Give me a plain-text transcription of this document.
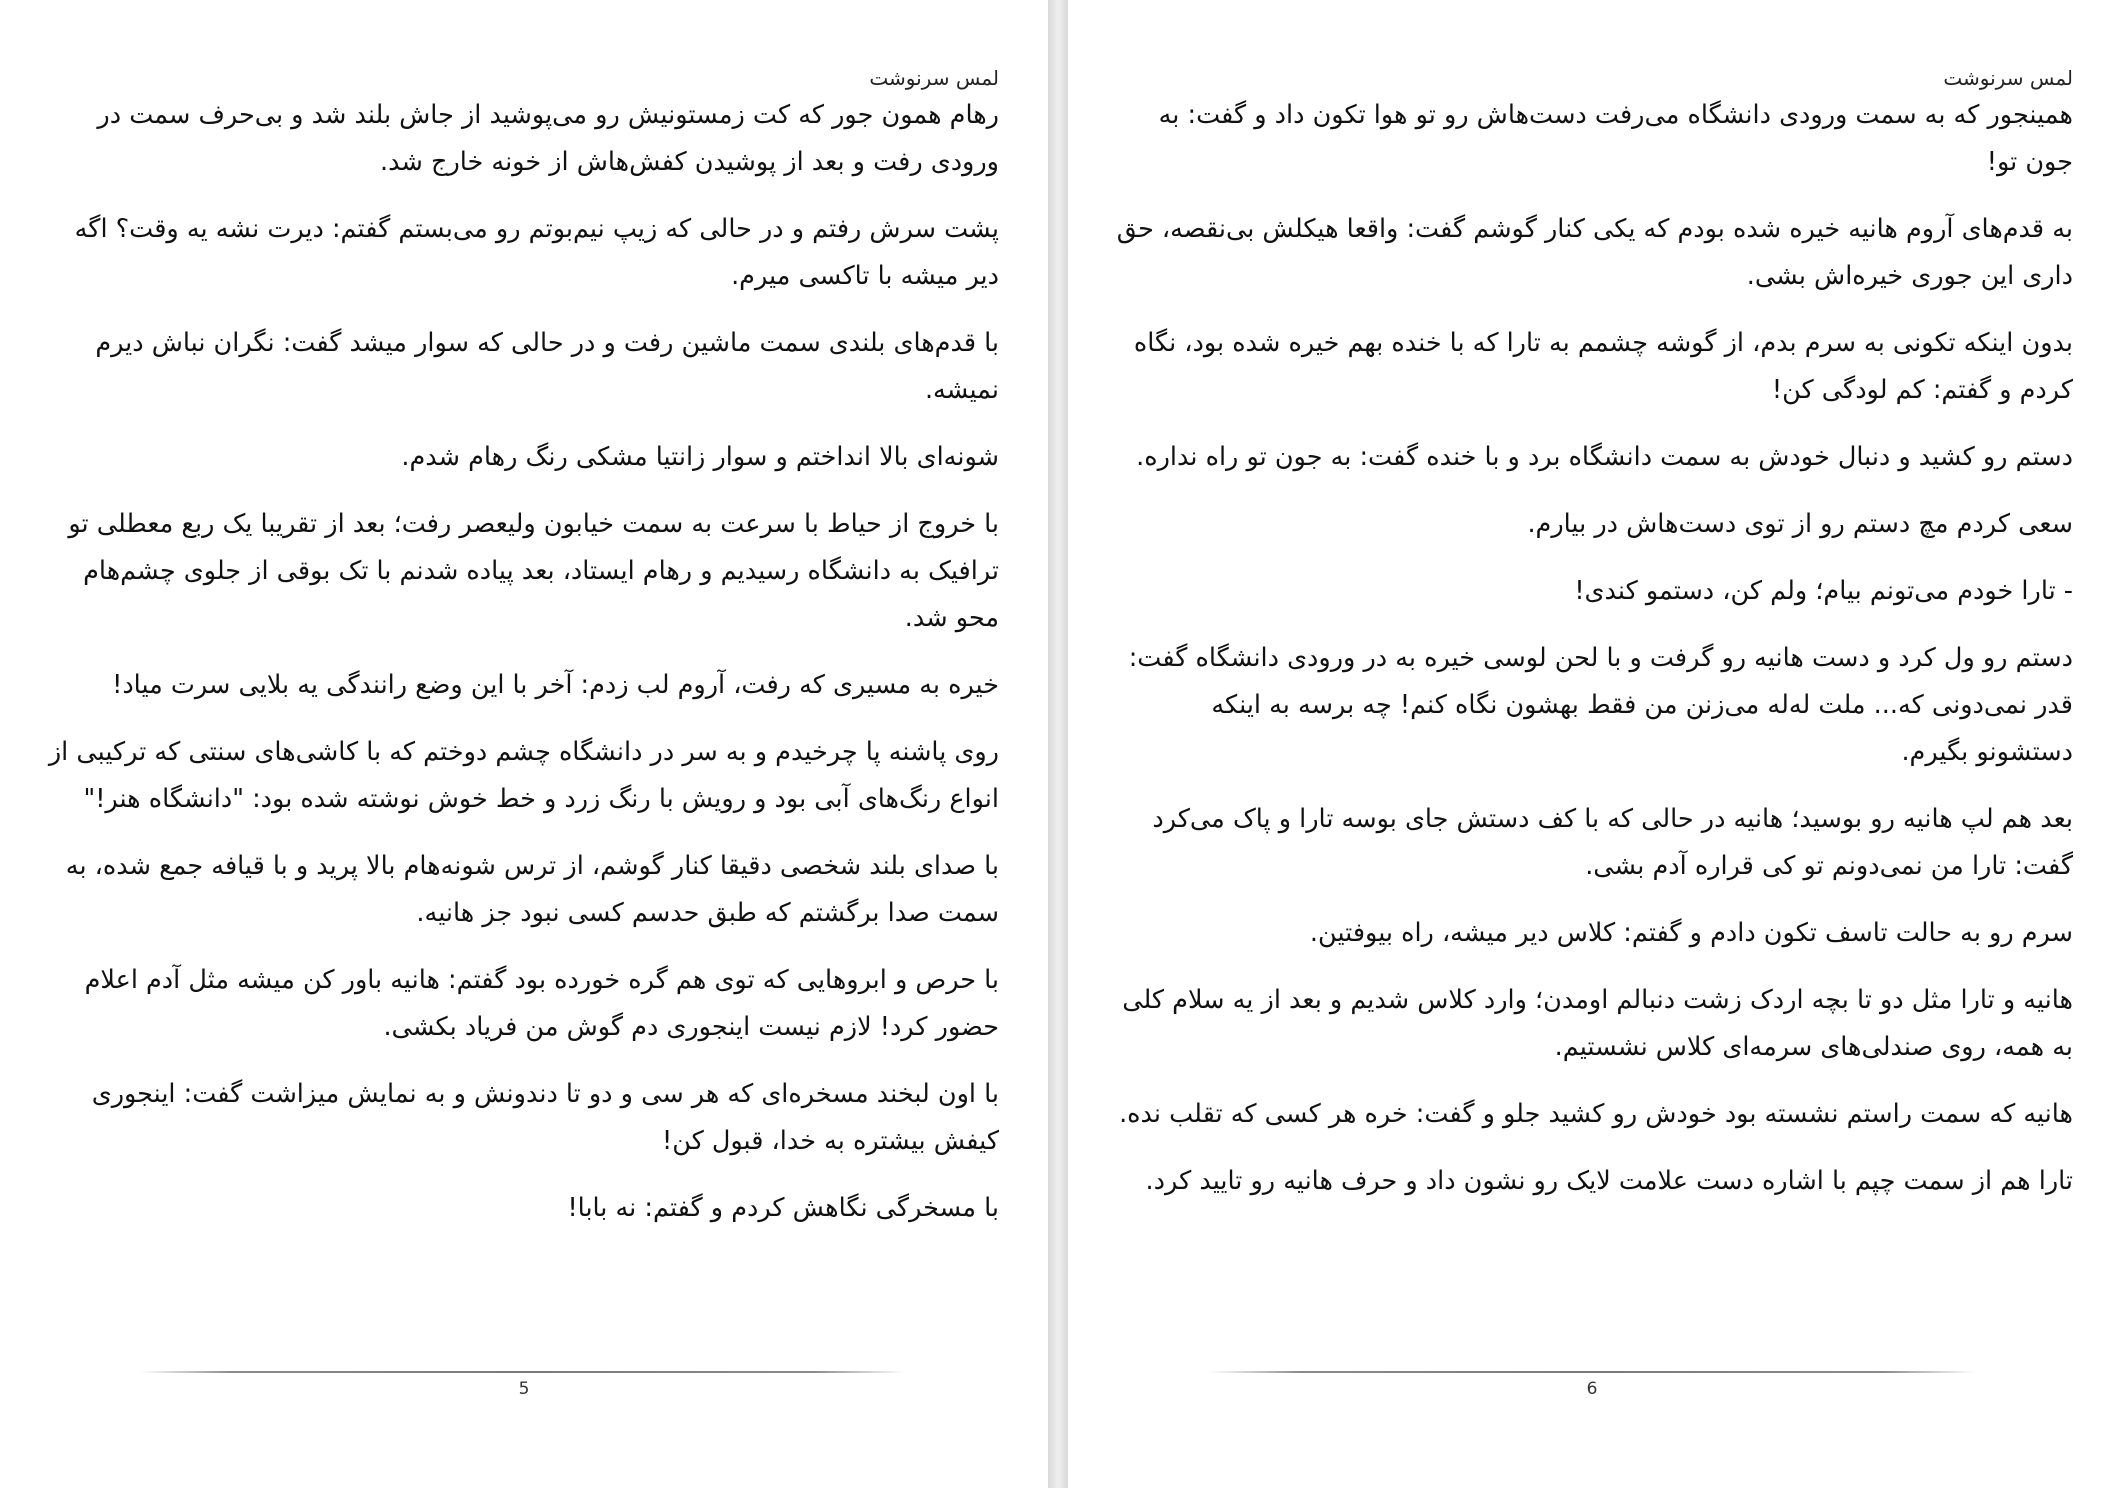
لمس سرنوشت

رهام همون جور که کت زمستونیش رو می‌پوشید از جاش بلند شد و بی‌حرف سمت در ورودی رفت و بعد از پوشیدن کفش‌هاش از خونه خارج شد.

پشت سرش رفتم و در حالی که زیپ نیم‌بوتم رو می‌بستم گفتم: دیرت نشه یه وقت؟ اگه دیر میشه با تاکسی میرم.

با قدم‌های بلندی سمت ماشین رفت و در حالی که سوار میشد گفت: نگران نباش دیرم نمیشه.

شونه‌ای بالا انداختم و سوار زانتیا مشکی رنگ رهام شدم.

با خروج از حیاط با سرعت به سمت خیابون ولیعصر رفت؛ بعد از تقریبا یک ربع معطلی تو ترافیک به دانشگاه رسیدیم و رهام ایستاد، بعد پیاده شدنم با تک بوقی از جلوی چشم‌هام محو شد.

خیره به مسیری که رفت، آروم لب زدم: آخر با این وضع رانندگی یه بلایی سرت میاد!

روی پاشنه پا چرخیدم و به سر در دانشگاه چشم دوختم که با کاشی‌های سنتی که ترکیبی از انواع رنگ‌های آبی بود و رویش با رنگ زرد و خط خوش نوشته شده بود: "دانشگاه هنر!"

با صدای بلند شخصی دقیقا کنار گوشم، از ترس شونه‌هام بالا پرید و با قیافه جمع شده، به سمت صدا برگشتم که طبق حدسم کسی نبود جز هانیه.

با حرص و ابروهایی که توی هم گره خورده بود گفتم: هانیه باور کن میشه مثل آدم اعلام حضور کرد! لازم نیست اینجوری دم گوش من فریاد بکشی.

با اون لبخند مسخره‌ای که هر سی و دو تا دندونش و به نمایش میزاشت گفت: اینجوری کیفش بیشتره به خدا، قبول کن!

با مسخرگی نگاهش کردم و گفتم: نه بابا!

5
لمس سرنوشت

همینجور که به سمت ورودی دانشگاه می‌رفت دست‌هاش رو تو هوا تکون داد و گفت: به جون تو!

به قدم‌های آروم هانیه خیره شده بودم که یکی کنار گوشم گفت: واقعا هیکلش بی‌نقصه، حق داری این جوری خیره‌اش بشی.

بدون اینکه تکونی به سرم بدم، از گوشه چشمم به تارا که با خنده بهم خیره شده بود، نگاه کردم و گفتم: کم لودگی کن!

دستم رو کشید و دنبال خودش به سمت دانشگاه برد و با خنده گفت: به جون تو راه نداره.

سعی کردم مچ دستم رو از توی دست‌هاش در بیارم.

- تارا خودم می‌تونم بیام؛ ولم کن، دستمو کندی!

دستم رو ول کرد و دست هانیه رو گرفت و با لحن لوسی خیره به در ورودی دانشگاه گفت: قدر نمی‌دونی که... ملت له‌له می‌زنن من فقط بهشون نگاه کنم! چه برسه به اینکه دستشونو بگیرم.

بعد هم لپ هانیه رو بوسید؛ هانیه در حالی که با کف دستش جای بوسه تارا و پاک می‌کرد گفت: تارا من نمی‌دونم تو کی قراره آدم بشی.

سرم رو به حالت تاسف تکون دادم و گفتم: کلاس دیر میشه، راه بیوفتین.

هانیه و تارا مثل دو تا بچه اردک زشت دنبالم اومدن؛ وارد کلاس شدیم و بعد از یه سلام کلی به همه، روی صندلی‌های سرمه‌ای کلاس نشستیم.

هانیه که سمت راستم نشسته بود خودش رو کشید جلو و گفت: خره هر کسی که تقلب نده.

تارا هم از سمت چپم با اشاره دست علامت لایک رو نشون داد و حرف هانیه رو تایید کرد.

6
